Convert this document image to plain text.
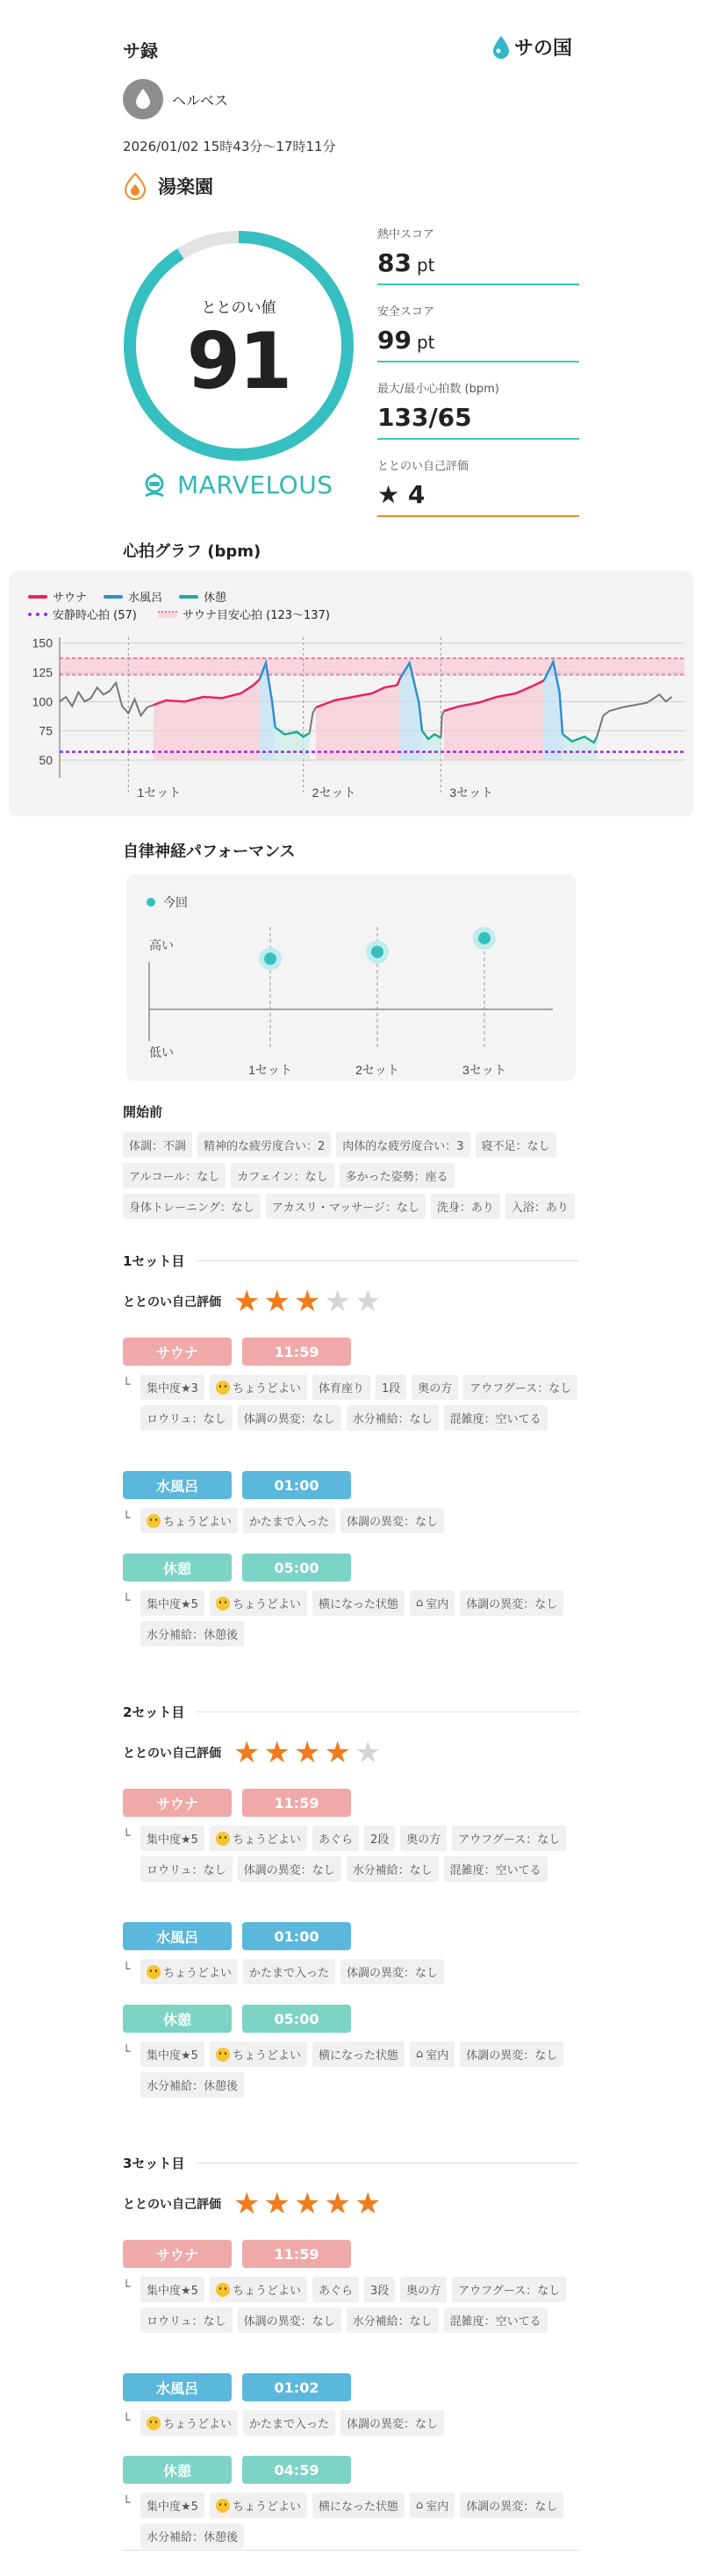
サ録	サの国
ヘルベス
2026/01/02 15時43分〜17時11分
湯楽園
ととのい値
91
MARVELOUS
熱中スコア
83 pt
安全スコア
99 pt
最大/最小心拍数 (bpm)
133/65
ととのい自己評価
★ 4
心拍グラフ (bpm)
サウナ	水風呂	休憩
安静時心拍 (57)	サウナ目安心拍 (123〜137)
150
125
100
75
50
1セット	2セット	3セット
自律神経パフォーマンス
今回
高い
低い
1セット	2セット	3セット
開始前
体調：不調 精神的な疲労度合い：2 肉体的な疲労度合い：3 寝不足：なし
アルコール：なし カフェイン：なし 多かった姿勢：座る
身体トレーニング：なし アカスリ・マッサージ：なし 洗身：あり 入浴：あり
1セット目
ととのい自己評価 ★ ★ ★ ★ ★
サウナ	11:59
└ 集中度★3	ちょうどよい 体育座り 1段 奥の方 アウフグース：なし
ロウリュ：なし 体調の異変：なし 水分補給：なし 混雑度：空いてる
水風呂	01:00
└	ちょうどよい かたまで入った 体調の異変：なし
休憩	05:00
└ 集中度★5	ちょうどよい 横になった状態 ⌂ 室内 体調の異変：なし
水分補給：休憩後
2セット目
ととのい自己評価 ★ ★ ★ ★ ★
サウナ	11:59
└ 集中度★5	ちょうどよい あぐら 2段 奥の方 アウフグース：なし
ロウリュ：なし 体調の異変：なし 水分補給：なし 混雑度：空いてる
水風呂	01:00
└	ちょうどよい かたまで入った 体調の異変：なし
休憩	05:00
└ 集中度★5	ちょうどよい 横になった状態 ⌂ 室内 体調の異変：なし
水分補給：休憩後
3セット目
ととのい自己評価 ★ ★ ★ ★ ★
サウナ	11:59
└ 集中度★5	ちょうどよい あぐら 3段 奥の方 アウフグース：なし
ロウリュ：なし 体調の異変：なし 水分補給：なし 混雑度：空いてる
水風呂	01:02
└	ちょうどよい かたまで入った 体調の異変：なし
休憩	04:59
└ 集中度★5	ちょうどよい 横になった状態 ⌂ 室内 体調の異変：なし
水分補給：休憩後
